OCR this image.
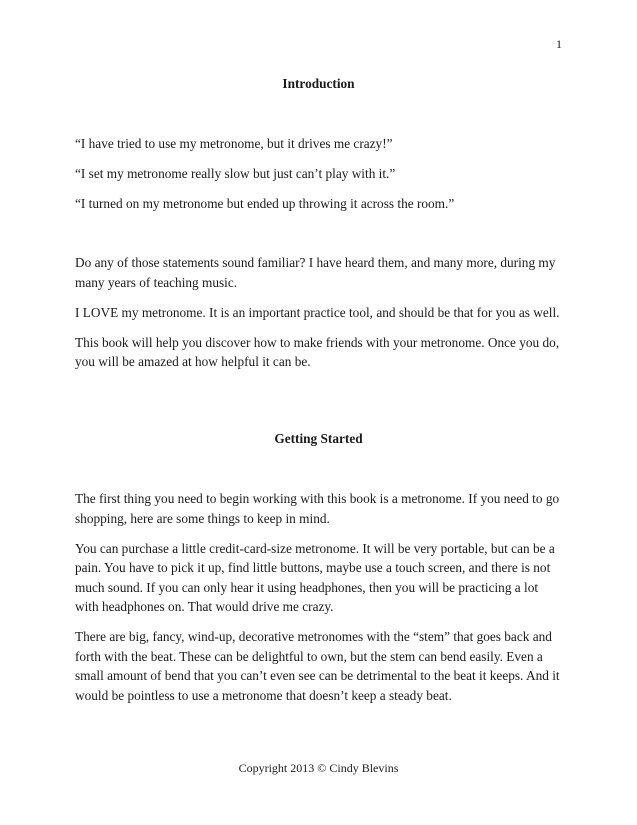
1
Introduction

“I have tried to use my metronome, but it drives me crazy!”

“I set my metronome really slow but just can’t play with it.”

“I turned on my metronome but ended up throwing it across the room.”

Do any of those statements sound familiar? I have heard them, and many more, during my many years of teaching music.

I LOVE my metronome. It is an important practice tool, and should be that for you as well.

This book will help you discover how to make friends with your metronome. Once you do, you will be amazed at how helpful it can be.

Getting Started

The first thing you need to begin working with this book is a metronome. If you need to go shopping, here are some things to keep in mind.

You can purchase a little credit-card-size metronome. It will be very portable, but can be a pain. You have to pick it up, find little buttons, maybe use a touch screen, and there is not much sound. If you can only hear it using headphones, then you will be practicing a lot with headphones on. That would drive me crazy.

There are big, fancy, wind-up, decorative metronomes with the “stem” that goes back and forth with the beat. These can be delightful to own, but the stem can bend easily. Even a small amount of bend that you can’t even see can be detrimental to the beat it keeps. And it would be pointless to use a metronome that doesn’t keep a steady beat.

Copyright 2013 © Cindy Blevins
